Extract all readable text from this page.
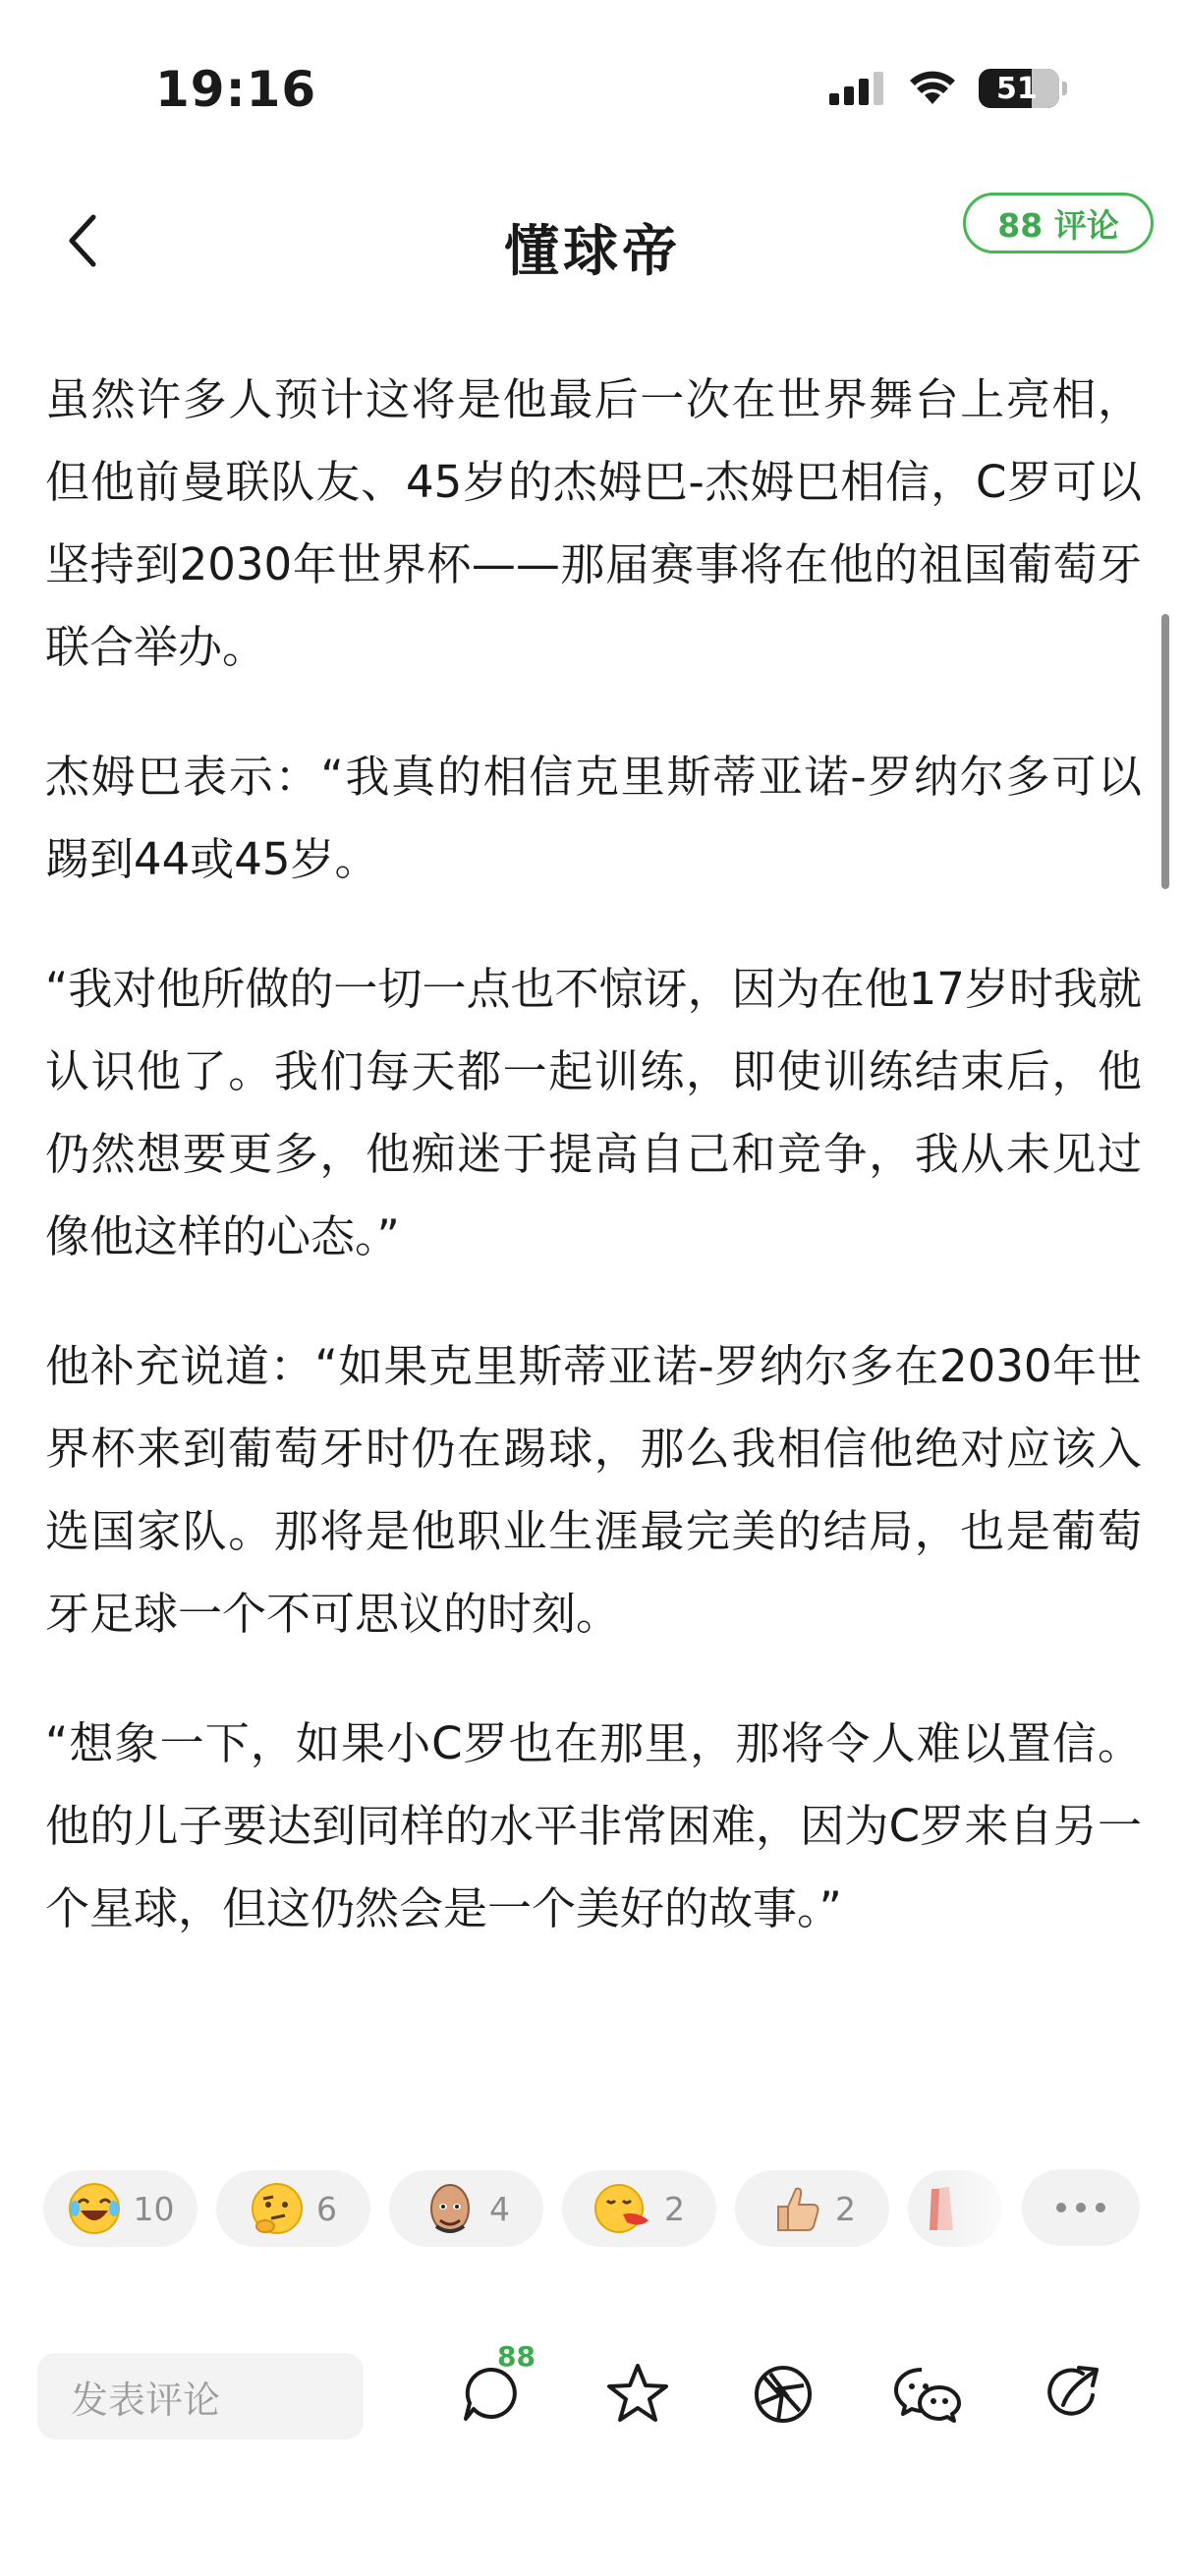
19:16	51
懂球帝	88 评论

虽然许多人预计这将是他最后一次在世界舞台上亮相，但他前曼联队友、45岁的杰姆巴-杰姆巴相信，C罗可以坚持到2030年世界杯——那届赛事将在他的祖国葡萄牙联合举办。

杰姆巴表示：“我真的相信克里斯蒂亚诺-罗纳尔多可以踢到44或45岁。

“我对他所做的一切一点也不惊讶，因为在他17岁时我就认识他了。我们每天都一起训练，即使训练结束后，他仍然想要更多，他痴迷于提高自己和竞争，我从未见过像他这样的心态。”

他补充说道：“如果克里斯蒂亚诺-罗纳尔多在2030年世界杯来到葡萄牙时仍在踢球，那么我相信他绝对应该入选国家队。那将是他职业生涯最完美的结局，也是葡萄牙足球一个不可思议的时刻。

“想象一下，如果小C罗也在那里，那将令人难以置信。他的儿子要达到同样的水平非常困难，因为C罗来自另一个星球，但这仍然会是一个美好的故事。”

10	6	4	2	2
发表评论
88
